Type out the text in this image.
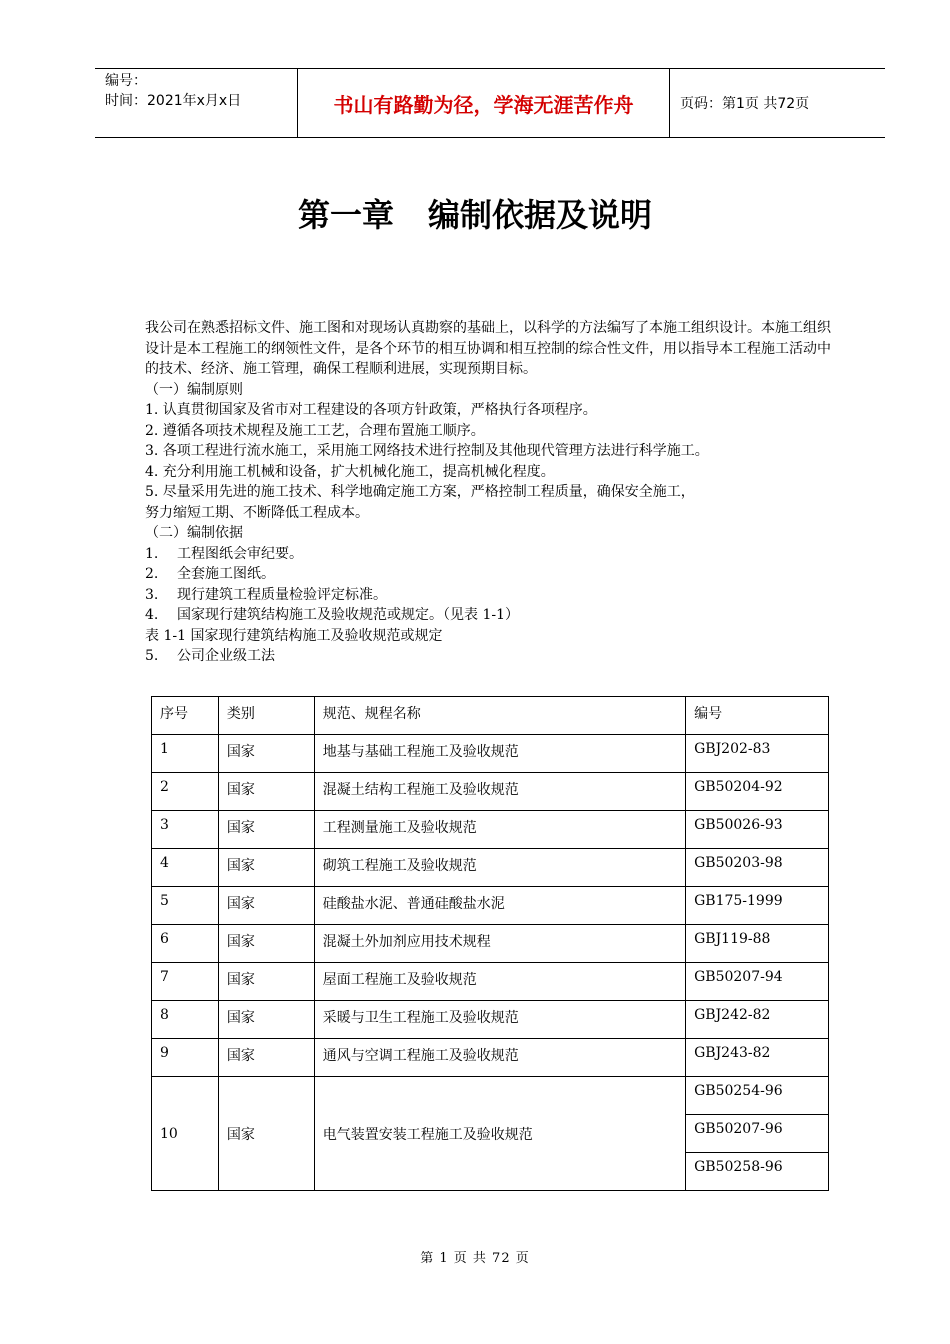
编号：
时间：2021年x月x日	书山有路勤为径，学海无涯苦作舟	页码：第1页 共72页
第一章 编制依据及说明

我公司在熟悉招标文件、施工图和对现场认真勘察的基础上，以科学的方法编写了本施工组织设计。本施工组织设计是本工程施工的纲领性文件，是各个环节的相互协调和相互控制的综合性文件，用以指导本工程施工活动中的技术、经济、施工管理，确保工程顺利进展，实现预期目标。

（一）编制原则

1. 认真贯彻国家及省市对工程建设的各项方针政策，严格执行各项程序。

2. 遵循各项技术规程及施工工艺，合理布置施工顺序。

3. 各项工程进行流水施工，采用施工网络技术进行控制及其他现代管理方法进行科学施工。

4. 充分利用施工机械和设备，扩大机械化施工，提高机械化程度。

5. 尽量采用先进的施工技术、科学地确定施工方案，严格控制工程质量，确保安全施工，

努力缩短工期、不断降低工程成本。

（二）编制依据

1. 工程图纸会审纪要。

2. 全套施工图纸。

3. 现行建筑工程质量检验评定标准。

4. 国家现行建筑结构施工及验收规范或规定。（见表 1-1）

表 1-1 国家现行建筑结构施工及验收规范或规定

5. 公司企业级工法

序号	类别	规范、规程名称	编号
1	国家	地基与基础工程施工及验收规范	GBJ202-83
2	国家	混凝土结构工程施工及验收规范	GB50204-92
3	国家	工程测量施工及验收规范	GB50026-93
4	国家	砌筑工程施工及验收规范	GB50203-98
5	国家	硅酸盐水泥、普通硅酸盐水泥	GB175-1999
6	国家	混凝土外加剂应用技术规程	GBJ119-88
7	国家	屋面工程施工及验收规范	GB50207-94
8	国家	采暖与卫生工程施工及验收规范	GBJ242-82
9	国家	通风与空调工程施工及验收规范	GBJ243-82
10	国家	电气装置安装工程施工及验收规范	GB50254-96
			GB50207-96
			GB50258-96
第 1 页 共 72 页
